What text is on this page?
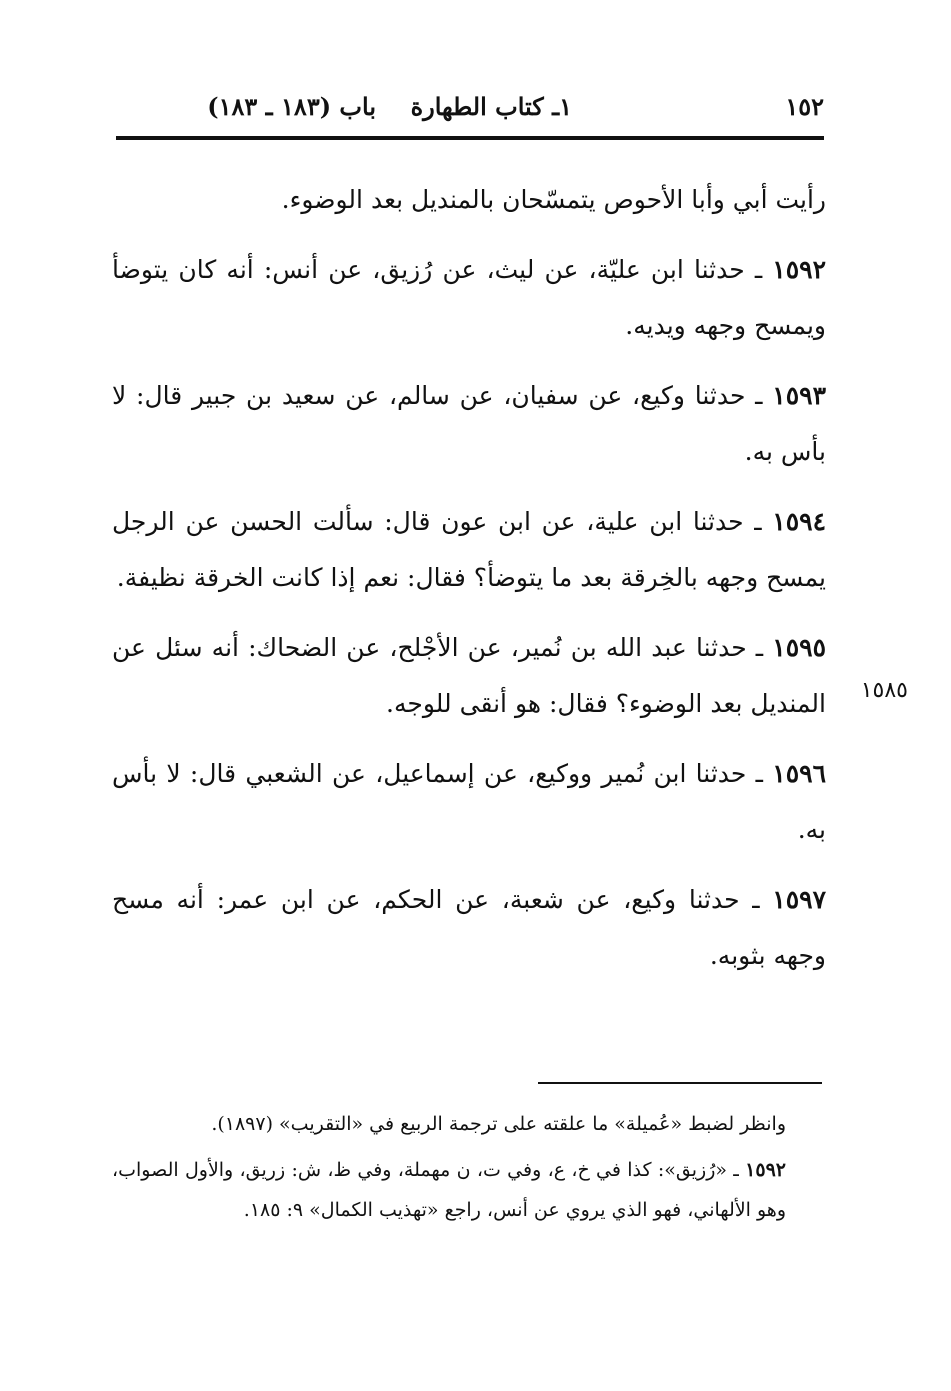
١٥٢
١ـ كتاب الطهارة
باب (١٨٣ ـ ١٨٣)

رأيت أبي وأبا الأحوص يتمسّحان بالمنديل بعد الوضوء.

١٥٩٢ ـ حدثنا ابن عليّة، عن ليث، عن رُزيق، عن أنس: أنه كان يتوضأ ويمسح وجهه ويديه.

١٥٩٣ ـ حدثنا وكيع، عن سفيان، عن سالم، عن سعيد بن جبير قال: لا بأس به.

١٥٩٤ ـ حدثنا ابن علية، عن ابن عون قال: سألت الحسن عن الرجل يمسح وجهه بالخِرقة بعد ما يتوضأ؟ فقال: نعم إذا كانت الخرقة نظيفة.

١٥٩٥ ـ حدثنا عبد الله بن نُمير، عن الأجْلح، عن الضحاك: أنه سئل عن المنديل بعد الوضوء؟ فقال: هو أنقى للوجه.

١٥٩٦ ـ حدثنا ابن نُمير ووكيع، عن إسماعيل، عن الشعبي قال: لا بأس به.

١٥٩٧ ـ حدثنا وكيع، عن شعبة، عن الحكم، عن ابن عمر: أنه مسح وجهه بثوبه.

١٥٨٥

وانظر لضبط «عُميلة» ما علقته على ترجمة الربيع في «التقريب» (١٨٩٧).

١٥٩٢ ـ «رُزيق»: كذا في خ، ع، وفي ت، ن مهملة، وفي ظ، ش: زريق، والأول الصواب، وهو الألهاني، فهو الذي يروي عن أنس، راجع «تهذيب الكمال» ٩: ١٨٥.
